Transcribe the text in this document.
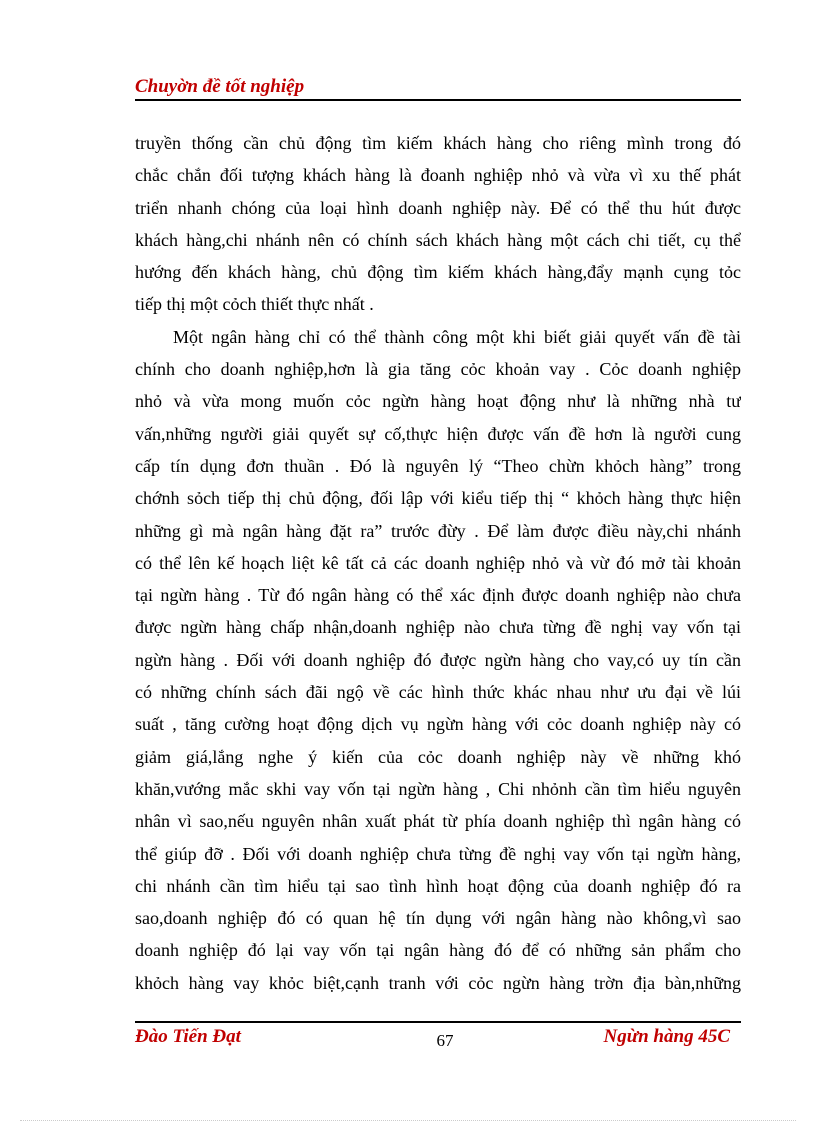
Chuyờn đề tốt nghiệp
truyền thống cần chủ động tìm kiếm khách hàng cho riêng mình trong đó
chắc chắn đối tượng khách hàng là đoanh nghiệp nhỏ và vừa vì xu thế phát
triển nhanh chóng của loại hình doanh nghiệp này. Để có thể thu hút được
khách hàng,chi nhánh nên có chính sách khách hàng một cách chi tiết, cụ thể
hướng đến khách hàng, chủ động tìm kiếm khách hàng,đẩy mạnh cụng tỏc
tiếp thị một cỏch thiết thực nhất .
Một ngân hàng chỉ có thể thành công một khi biết giải quyết vấn đề tài
chính cho doanh nghiệp,hơn là gia tăng cỏc khoản vay . Cỏc doanh nghiệp
nhỏ và vừa mong muốn cỏc ngừn hàng hoạt động như là những nhà tư
vấn,những người giải quyết sự cố,thực hiện được vấn đề hơn là người cung
cấp tín dụng đơn thuần . Đó là nguyên lý “Theo chừn khỏch hàng” trong
chớnh sỏch tiếp thị chủ động, đối lập với kiểu tiếp thị “ khỏch hàng thực hiện
những gì mà ngân hàng đặt ra” trước đừy . Để làm được điều này,chi nhánh
có thể lên kế hoạch liệt kê tất cả các doanh nghiệp nhỏ và vừ đó mở tài khoản
tại ngừn hàng . Từ đó ngân hàng có thể xác định được doanh nghiệp nào chưa
được ngừn hàng chấp nhận,doanh nghiệp nào chưa từng đề nghị vay vốn tại
ngừn hàng . Đối với doanh nghiệp đó được ngừn hàng cho vay,có uy tín cần
có những chính sách đãi ngộ về các hình thức khác nhau như ưu đại về lúi
suất , tăng cường hoạt động dịch vụ ngừn hàng với cỏc doanh nghiệp này có
giảm giá,lắng nghe ý kiến của cỏc doanh nghiệp này về những khó
khăn,vướng mắc skhi vay vốn tại ngừn hàng , Chi nhỏnh cần tìm hiểu nguyên
nhân vì sao,nếu nguyên nhân xuất phát từ phía doanh nghiệp thì ngân hàng có
thể giúp đỡ . Đối với doanh nghiệp chưa từng đề nghị vay vốn tại ngừn hàng,
chi nhánh cần tìm hiểu tại sao tình hình hoạt động của doanh nghiệp đó ra
sao,doanh nghiệp đó có quan hệ tín dụng với ngân hàng nào không,vì sao
doanh nghiệp đó lại vay vốn tại ngân hàng đó để có những sản phẩm cho
khỏch hàng vay khỏc biệt,cạnh tranh với cỏc ngừn hàng trờn địa bàn,những
Đào Tiến Đạt	67	Ngừn hàng 45C
